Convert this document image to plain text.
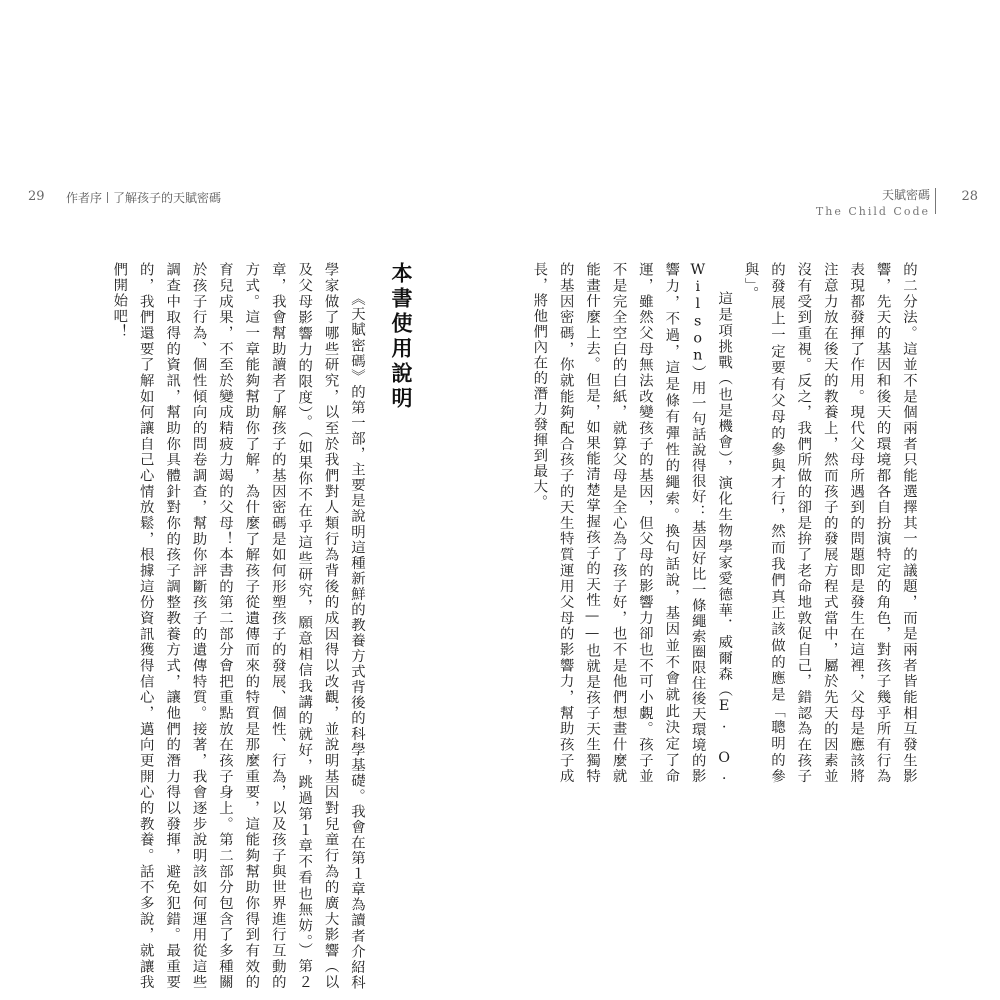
29 作者序 了解孩子的天賦密碼	天賦密碼
The Child Code
28

的二分法。這並不是個兩者只能選擇其一的議題，而是兩者皆能相互發生影響，先天的基因和後天的環境都各自扮演特定的角色，對孩子幾乎所有行為表現都發揮了作用。現代父母所遇到的問題即是發生在這裡，父母是應該將注意力放在後天的教養上，然而孩子的發展方程式當中，屬於先天的因素並沒有受到重視。反之，我們所做的卻是拚了老命地敦促自己，錯認為在孩子的發展上一定要有父母的參與才行，然而我們真正該做的應是「聰明的參與」。

這是項挑戰（也是機會），演化生物學家愛德華．威爾森（E. O. Wilson）用一句話說得很好：基因好比一條繩索圈限住後天環境的影響力，不過，這是條有彈性的繩索。換句話說，基因並不會就此決定了命運，雖然父母無法改變孩子的基因，但父母的影響力卻也不可小覷。孩子並不是完全空白的白紙，就算父母是全心為了孩子好，也不是他們想畫什麼就能畫什麼上去。但是，如果能清楚掌握孩子的天性——也就是孩子天生獨特的基因密碼，你就能夠配合孩子的天生特質運用父母的影響力，幫助孩子成長，將他們內在的潛力發揮到最大。

本書使用說明

《天賦密碼》的第一部，主要是說明這種新鮮的教養方式背後的科學基礎。我會在第１章為讀者介紹科學家做了哪些研究，以至於我們對人類行為背後的成因得以改觀，並說明基因對兒童行為的廣大影響（以及父母影響力的限度）。（如果你不在乎這些研究，願意相信我講的就好，跳過第１章不看也無妨。）第２章，我會幫助讀者了解孩子的基因密碼是如何形塑孩子的發展、個性、行為，以及孩子與世界進行互動的方式。這一章能夠幫助你了解，為什麼了解孩子從遺傳而來的特質是那麼重要，這能夠幫助你得到有效的育兒成果，不至於變成精疲力竭的父母！本書的第二部分會把重點放在孩子身上。第二部分包含了多種關於孩子行為、個性傾向的問卷調查，幫助你評斷孩子的遺傳特質。接著，我會逐步說明該如何運用從這些調查中取得的資訊，幫助你具體針對你的孩子調整教養方式，讓他們的潛力得以發揮，避免犯錯。最重要的，我們還要了解如何讓自己心情放鬆，根據這份資訊獲得信心，邁向更開心的教養。話不多說，就讓我們開始吧！
